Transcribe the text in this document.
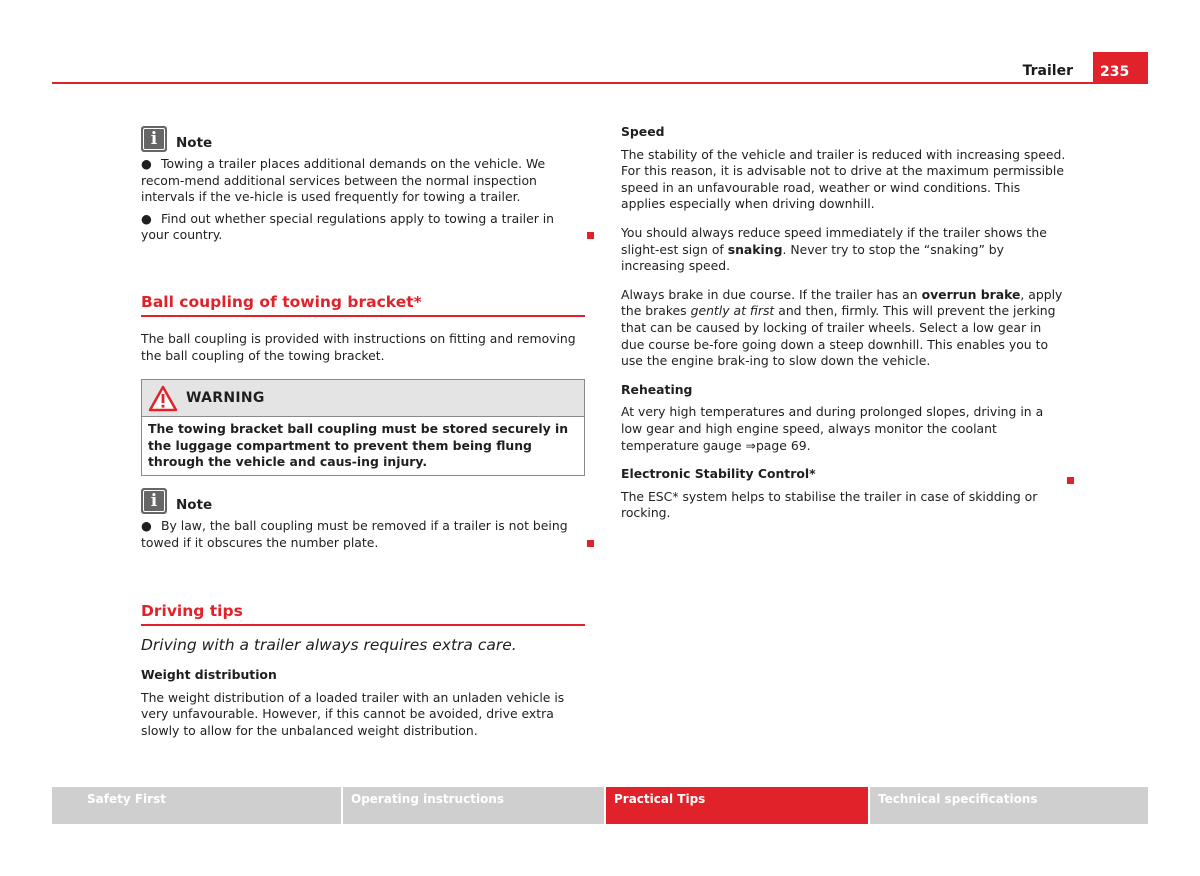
Trailer	235
i Note

● Towing a trailer places additional demands on the vehicle. We recom-mend additional services between the normal inspection intervals if the ve-hicle is used frequently for towing a trailer.

● Find out whether special regulations apply to towing a trailer in your country.

Ball coupling of towing bracket*

The ball coupling is provided with instructions on fitting and removing the ball coupling of the towing bracket.

WARNING
The towing bracket ball coupling must be stored securely in the luggage compartment to prevent them being flung through the vehicle and caus-ing injury.
i Note

● By law, the ball coupling must be removed if a trailer is not being towed if it obscures the number plate.

Driving tips

Driving with a trailer always requires extra care.

Weight distribution

The weight distribution of a loaded trailer with an unladen vehicle is very unfavourable. However, if this cannot be avoided, drive extra slowly to allow for the unbalanced weight distribution.

Speed

The stability of the vehicle and trailer is reduced with increasing speed. For this reason, it is advisable not to drive at the maximum permissible speed in an unfavourable road, weather or wind conditions. This applies especially when driving downhill.

You should always reduce speed immediately if the trailer shows the slight-est sign of snaking. Never try to stop the “snaking” by increasing speed.

Always brake in due course. If the trailer has an overrun brake, apply the brakes gently at first and then, firmly. This will prevent the jerking that can be caused by locking of trailer wheels. Select a low gear in due course be-fore going down a steep downhill. This enables you to use the engine brak-ing to slow down the vehicle.

Reheating

At very high temperatures and during prolonged slopes, driving in a low gear and high engine speed, always monitor the coolant temperature gauge ⇒page 69.

Electronic Stability Control*

The ESC* system helps to stabilise the trailer in case of skidding or rocking.

Safety First	Operating instructions	Practical Tips	Technical specifications
